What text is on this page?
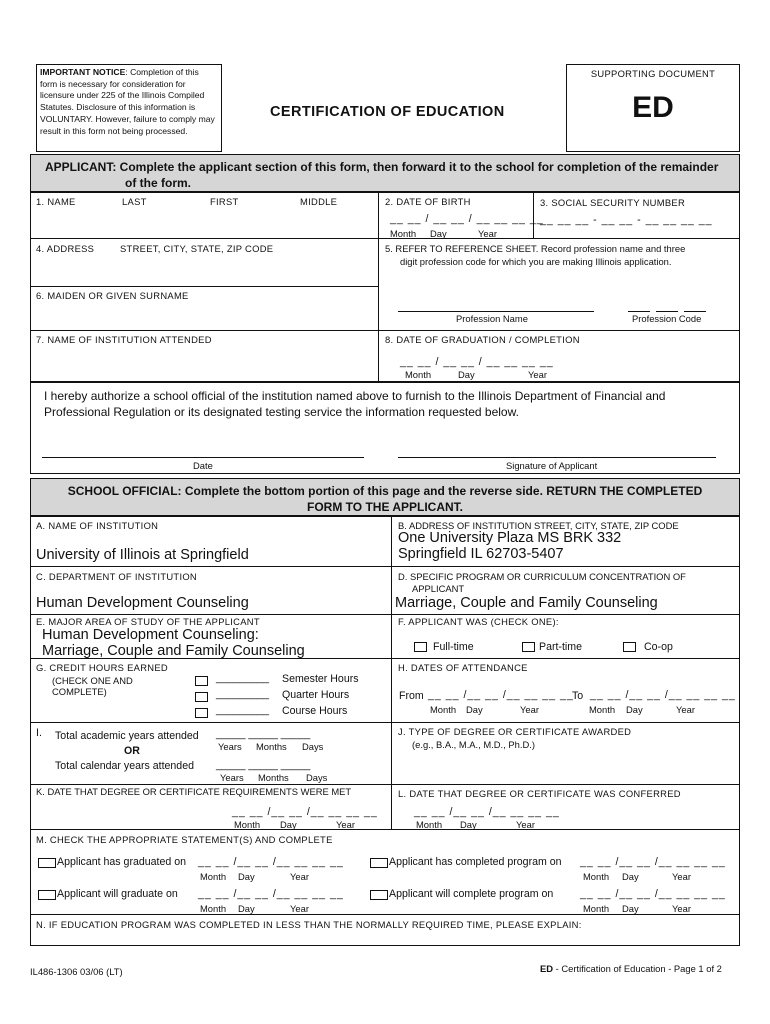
IMPORTANT NOTICE: Completion of this form is necessary for consideration for licensure under 225 of the Illinois Compiled Statutes. Disclosure of this information is VOLUNTARY. However, failure to comply may result in this form not being processed.
CERTIFICATION OF EDUCATION
SUPPORTING DOCUMENT
ED
APPLICANT: Complete the applicant section of this form, then forward it to the school for completion of the remainder
of the form.
1. NAME	LAST	FIRST	MIDDLE	2. DATE OF BIRTH
__ __ / __ __ / __ __ __ __
Month Day	Year
3. SOCIAL SECURITY NUMBER
__ __ __ - __ __ - __ __ __ __
4. ADDRESS	STREET, CITY, STATE, ZIP CODE	5. REFER TO REFERENCE SHEET. Record profession name and three
digit profession code for which you are making Illinois application.
6. MAIDEN OR GIVEN SURNAME
Profession Name	Profession Code
7. NAME OF INSTITUTION ATTENDED	8. DATE OF GRADUATION / COMPLETION
__ __ / __ __ / __ __ __ __
Month	Day	Year
I hereby authorize a school official of the institution named above to furnish to the Illinois Department of Financial and
Professional Regulation or its designated testing service the information requested below.
Date	Signature of Applicant
SCHOOL OFFICIAL: Complete the bottom portion of this page and the reverse side. RETURN THE COMPLETED
FORM TO THE APPLICANT.
A. NAME OF INSTITUTION
University of Illinois at Springfield
B. ADDRESS OF INSTITUTION STREET, CITY, STATE, ZIP CODE
One University Plaza MS BRK 332
Springfield IL 62703-5407
C. DEPARTMENT OF INSTITUTION
Human Development Counseling
D. SPECIFIC PROGRAM OR CURRICULUM CONCENTRATION OF
APPLICANT
Marriage, Couple and Family Counseling
E. MAJOR AREA OF STUDY OF THE APPLICANT
Human Development Counseling:
Marriage, Couple and Family Counseling
F. APPLICANT WAS (CHECK ONE):
Full-time	Part-time	Co-op
G. CREDIT HOURS EARNED
(CHECK ONE AND
COMPLETE)
_________ Semester Hours
_________ Quarter Hours
_________ Course Hours
H. DATES OF ATTENDANCE
From __ __ /__ __ /__ __ __ __
Month Day	Year
To __ __ /__ __ /__ __ __ __
Month Day	Year
I. Total academic years attended _____ _____ _____
Years Months Days
OR
Total calendar years attended _____ _____ _____
Years Months Days
J. TYPE OF DEGREE OR CERTIFICATE AWARDED
(e.g., B.A., M.A., M.D., Ph.D.)
K. DATE THAT DEGREE OR CERTIFICATE REQUIREMENTS WERE MET
__ __ /__ __ /__ __ __ __
Month Day	Year
L. DATE THAT DEGREE OR CERTIFICATE WAS CONFERRED
__ __ /__ __ /__ __ __ __
Month Day	Year
M. CHECK THE APPROPRIATE STATEMENT(S) AND COMPLETE
Applicant has graduated on __ __ /__ __ /__ __ __ __
Month Day	Year
Applicant will graduate on __ __ /__ __ /__ __ __ __
Month Day	Year
Applicant has completed program on __ __ /__ __ /__ __ __ __
Month Day	Year
Applicant will complete program on	__ __ /__ __ /__ __ __ __
Month Day	Year
N. IF EDUCATION PROGRAM WAS COMPLETED IN LESS THAN THE NORMALLY REQUIRED TIME, PLEASE EXPLAIN:
IL486-1306 03/06 (LT)	ED - Certification of Education - Page 1 of 2
